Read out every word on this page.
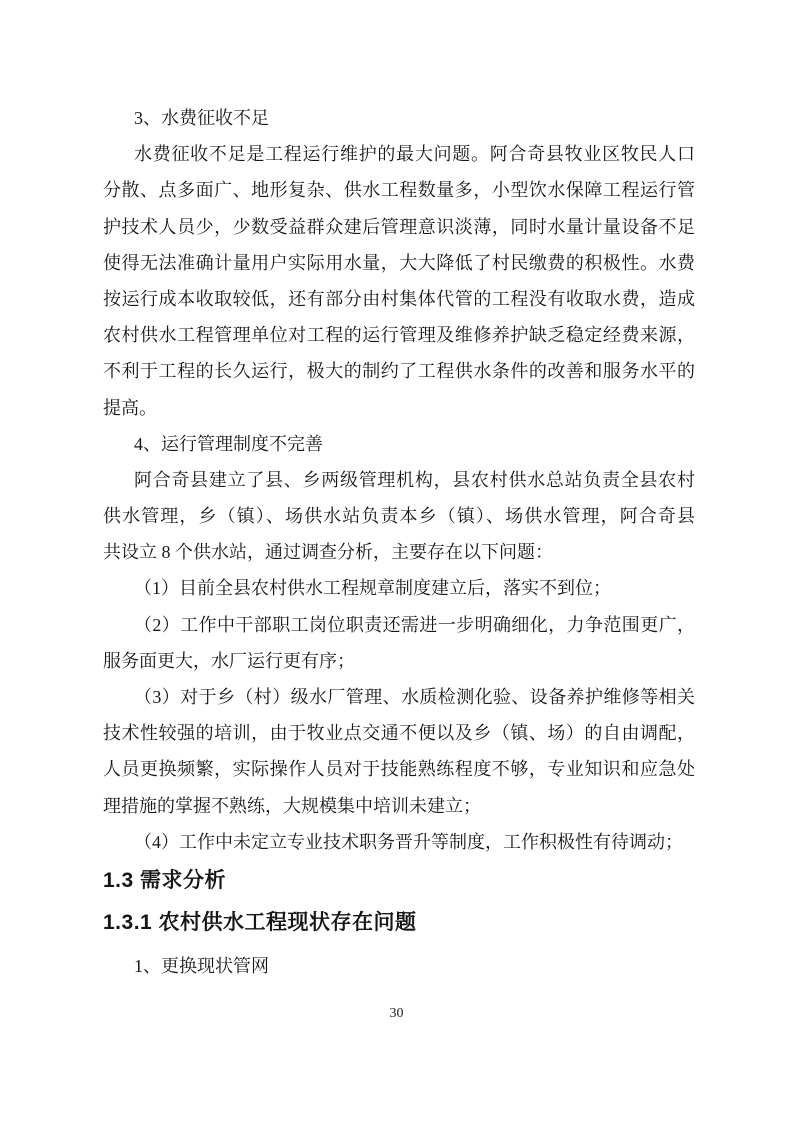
3、水费征收不足
水费征收不足是工程运行维护的最大问题。阿合奇县牧业区牧民人口
分散、点多面广、地形复杂、供水工程数量多，小型饮水保障工程运行管
护技术人员少，少数受益群众建后管理意识淡薄，同时水量计量设备不足
使得无法准确计量用户实际用水量，大大降低了村民缴费的积极性。水费
按运行成本收取较低，还有部分由村集体代管的工程没有收取水费，造成
农村供水工程管理单位对工程的运行管理及维修养护缺乏稳定经费来源，
不利于工程的长久运行，极大的制约了工程供水条件的改善和服务水平的
提高。
4、运行管理制度不完善
阿合奇县建立了县、乡两级管理机构，县农村供水总站负责全县农村
供水管理，乡（镇）、场供水站负责本乡（镇）、场供水管理，阿合奇县
共设立 8 个供水站，通过调查分析，主要存在以下问题：
（1）目前全县农村供水工程规章制度建立后，落实不到位；
（2）工作中干部职工岗位职责还需进一步明确细化，力争范围更广，
服务面更大，水厂运行更有序；
（3）对于乡（村）级水厂管理、水质检测化验、设备养护维修等相关
技术性较强的培训，由于牧业点交通不便以及乡（镇、场）的自由调配，
人员更换频繁，实际操作人员对于技能熟练程度不够，专业知识和应急处
理措施的掌握不熟练，大规模集中培训未建立；
（4）工作中未定立专业技术职务晋升等制度，工作积极性有待调动；
1.3 需求分析
1.3.1 农村供水工程现状存在问题
1、更换现状管网
30
